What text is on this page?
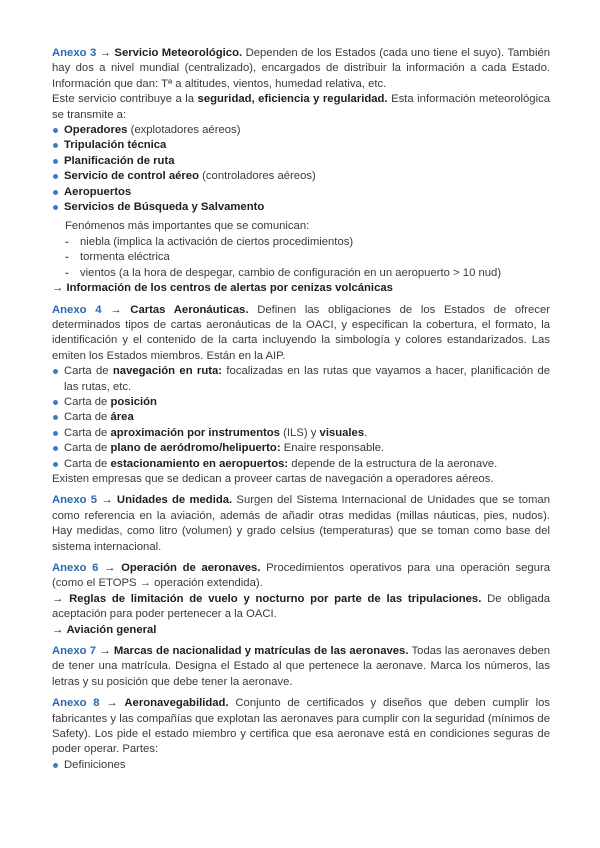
Anexo 3 → Servicio Meteorológico. Dependen de los Estados (cada uno tiene el suyo). También hay dos a nivel mundial (centralizado), encargados de distribuir la información a cada Estado. Información que dan: Tª a altitudes, vientos, humedad relativa, etc.

Este servicio contribuye a la seguridad, eficiencia y regularidad. Esta información meteorológica se transmite a:

Operadores (explotadores aéreos)
Tripulación técnica
Planificación de ruta
Servicio de control aéreo (controladores aéreos)
Aeropuertos
Servicios de Búsqueda y Salvamento

Fenómenos más importantes que se comunican:

- niebla (implica la activación de ciertos procedimientos)
- tormenta eléctrica
- vientos (a la hora de despegar, cambio de configuración en un aeropuerto > 10 nud)

→ Información de los centros de alertas por cenizas volcánicas

Anexo 4 → Cartas Aeronáuticas. Definen las obligaciones de los Estados de ofrecer determinados tipos de cartas aeronáuticas de la OACI, y especifican la cobertura, el formato, la identificación y el contenido de la carta incluyendo la simbología y colores estandarizados. Las emiten los Estados miembros. Están en la AIP.

Carta de navegación en ruta: focalizadas en las rutas que vayamos a hacer, planificación de las rutas, etc.
Carta de posición
Carta de área
Carta de aproximación por instrumentos (ILS) y visuales.
Carta de plano de aeródromo/helipuerto: Enaire responsable.
Carta de estacionamiento en aeropuertos: depende de la estructura de la aeronave.

Existen empresas que se dedican a proveer cartas de navegación a operadores aéreos.

Anexo 5 → Unidades de medida. Surgen del Sistema Internacional de Unidades que se toman como referencia en la aviación, además de añadir otras medidas (millas náuticas, pies, nudos). Hay medidas, como litro (volumen) y grado celsius (temperaturas) que se toman como base del sistema internacional.

Anexo 6 → Operación de aeronaves. Procedimientos operativos para una operación segura (como el ETOPS → operación extendida).

→ Reglas de limitación de vuelo y nocturno por parte de las tripulaciones. De obligada aceptación para poder pertenecer a la OACI.

→ Aviación general

Anexo 7 → Marcas de nacionalidad y matrículas de las aeronaves. Todas las aeronaves deben de tener una matrícula. Designa el Estado al que pertenece la aeronave. Marca los números, las letras y su posición que debe tener la aeronave.

Anexo 8 → Aeronavegabilidad. Conjunto de certificados y diseños que deben cumplir los fabricantes y las compañías que explotan las aeronaves para cumplir con la seguridad (mínimos de Safety). Los pide el estado miembro y certifica que esa aeronave está en condiciones seguras de poder operar. Partes:

Definiciones
